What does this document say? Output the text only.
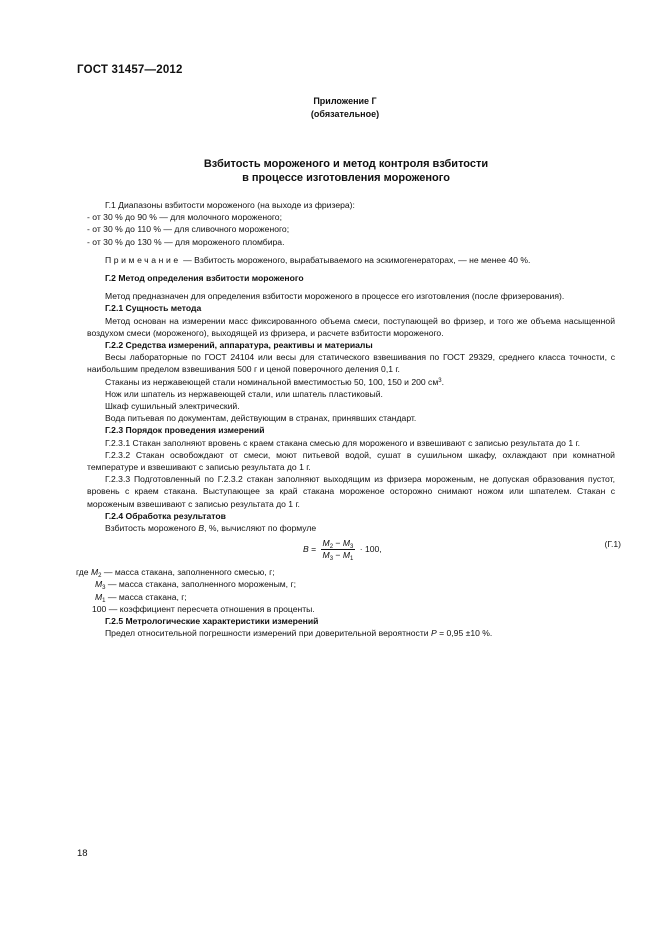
ГОСТ 31457—2012
Приложение Г
(обязательное)
Взбитость мороженого и метод контроля взбитости
в процессе изготовления мороженого

Г.1 Диапазоны взбитости мороженого (на выходе из фризера):

- от 30 % до 90 % — для молочного мороженого;

- от 30 % до 110 % — для сливочного мороженого;

- от 30 % до 130 % — для мороженого пломбира.

Примечание — Взбитость мороженого, вырабатываемого на эскимогенераторах, — не менее 40 %.

Г.2 Метод определения взбитости мороженого

Метод предназначен для определения взбитости мороженого в процессе его изготовления (после фризерования).

Г.2.1 Сущность метода

Метод основан на измерении масс фиксированного объема смеси, поступающей во фризер, и того же объема насыщенной воздухом смеси (мороженого), выходящей из фризера, и расчете взбитости мороженого.

Г.2.2 Средства измерений, аппаратура, реактивы и материалы

Весы лабораторные по ГОСТ 24104 или весы для статического взвешивания по ГОСТ 29329, среднего класса точности, с наибольшим пределом взвешивания 500 г и ценой поверочного деления 0,1 г.

Стаканы из нержавеющей стали номинальной вместимостью 50, 100, 150 и 200 $см^3$.

Нож или шпатель из нержавеющей стали, или шпатель пластиковый.

Шкаф сушильный электрический.

Вода питьевая по документам, действующим в странах, принявших стандарт.

Г.2.3 Порядок проведения измерений

Г.2.3.1 Стакан заполняют вровень с краем стакана смесью для мороженого и взвешивают с записью результата до 1 г.

Г.2.3.2 Стакан освобождают от смеси, моют питьевой водой, сушат в сушильном шкафу, охлаждают при комнатной температуре и взвешивают с записью результата до 1 г.

Г.2.3.3 Подготовленный по Г.2.3.2 стакан заполняют выходящим из фризера мороженым, не допуская образования пустот, вровень с краем стакана. Выступающее за край стакана мороженое осторожно снимают ножом или шпателем. Стакан с мороженым взвешивают с записью результата до 1 г.

Г.2.4 Обработка результатов

Взбитость мороженого B, %, вычисляют по формуле

$B = \frac{M_2 - M_3}{M_3 - M_1} \cdot 100$,	(Г.1)

где $M_2$ — масса стакана, заполненного смесью, г;

$M_3$ — масса стакана, заполненного мороженым, г;

$M_1$ — масса стакана, г;

100 — коэффициент пересчета отношения в проценты.

Г.2.5 Метрологические характеристики измерений

Предел относительной погрешности измерений при доверительной вероятности P = 0,95 ±10 %.

18
